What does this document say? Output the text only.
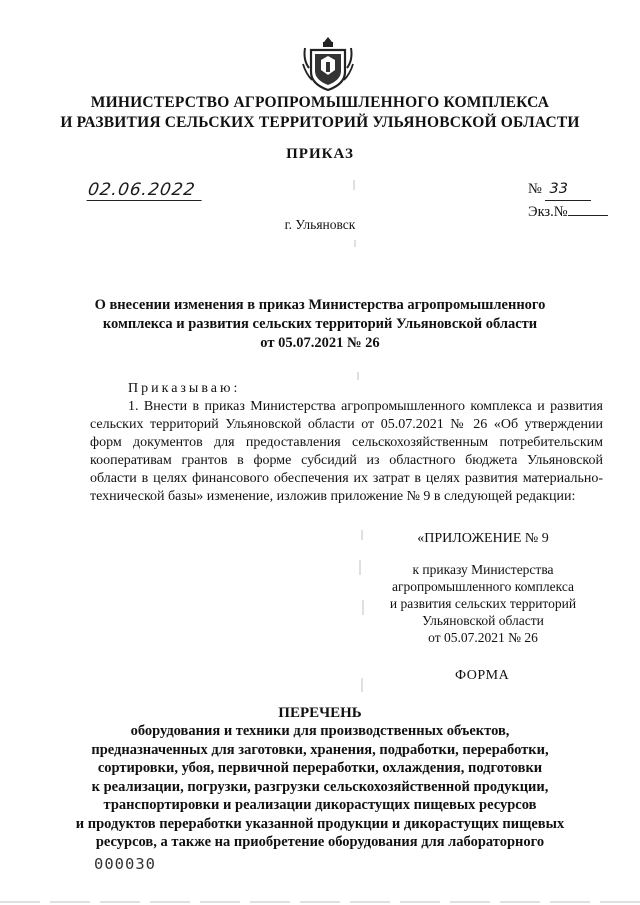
МИНИСТЕРСТВО АГРОПРОМЫШЛЕННОГО КОМПЛЕКСА
И РАЗВИТИЯ СЕЛЬСКИХ ТЕРРИТОРИЙ УЛЬЯНОВСКОЙ ОБЛАСТИ
ПРИКАЗ
02.06.2022	№ 33
Экз.№
г. Ульяновск
О внесении изменения в приказ Министерства агропромышленного
комплекса и развития сельских территорий Ульяновской области
от 05.07.2021 № 26

Приказываю:

1. Внести в приказ Министерства агропромышленного комплекса и развития сельских территорий Ульяновской области от 05.07.2021 № 26 «Об утверждении форм документов для предоставления сельскохозяйственным потребительским кооперативам грантов в форме субсидий из областного бюджета Ульяновской области в целях финансового обеспечения их затрат в целях развития материально-технической базы» изменение, изложив приложение № 9 в следующей редакции:

«ПРИЛОЖЕНИЕ № 9
к приказу Министерства
агропромышленного комплекса
и развития сельских территорий
Ульяновской области
от 05.07.2021 № 26
ФОРМА
ПЕРЕЧЕНЬ
оборудования и техники для производственных объектов,
предназначенных для заготовки, хранения, подработки, переработки,
сортировки, убоя, первичной переработки, охлаждения, подготовки
к реализации, погрузки, разгрузки сельскохозяйственной продукции,
транспортировки и реализации дикорастущих пищевых ресурсов
и продуктов переработки указанной продукции и дикорастущих пищевых
ресурсов, а также на приобретение оборудования для лабораторного
000030
